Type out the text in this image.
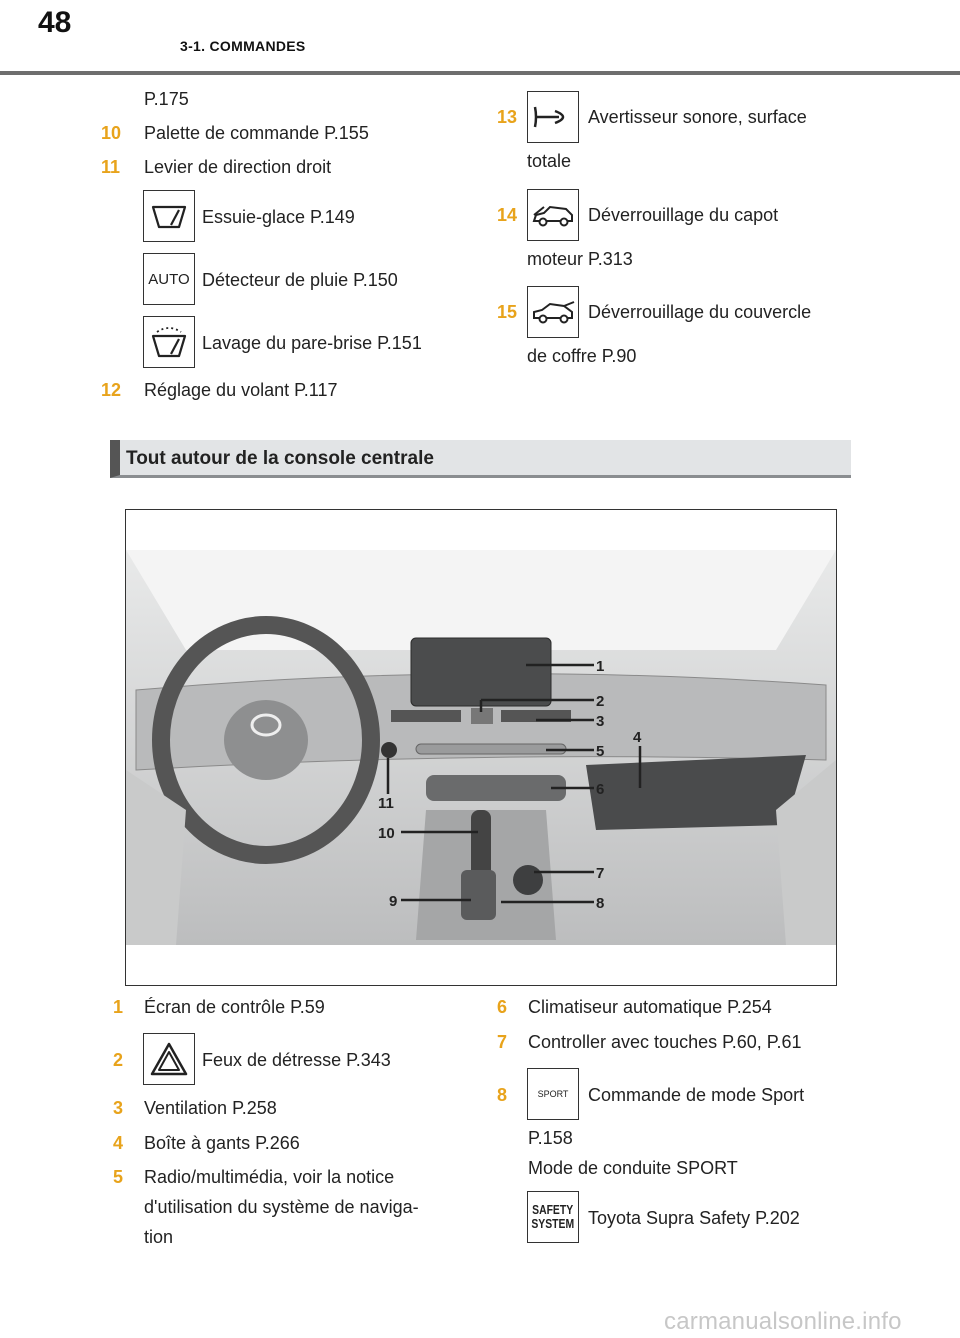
48
3-1. COMMANDES
P.175
10 Palette de commande P.155
11 Levier de direction droit
Essuie-glace P.149
AUTO Détecteur de pluie P.150
Lavage du pare-brise P.151
12 Réglage du volant P.117
13	Avertisseur sonore, surface
totale
14	Déverrouillage du capot
moteur P.313
15	Déverrouillage du couvercle
de coffre P.90
Tout autour de la console centrale
1
2
3
4
5
6
7
8
9
10
11
1 Écran de contrôle P.59
2	Feux de détresse P.343
3 Ventilation P.258
4 Boîte à gants P.266
5 Radio/multimédia, voir la notice
d'utilisation du système de naviga-
tion
6 Climatiseur automatique P.254
7 Controller avec touches P.60, P.61
8	SPORT Commande de mode Sport
P.158
Mode de conduite SPORT
SAFETY
SYSTEM Toyota Supra Safety P.202
carmanualsonline.info
